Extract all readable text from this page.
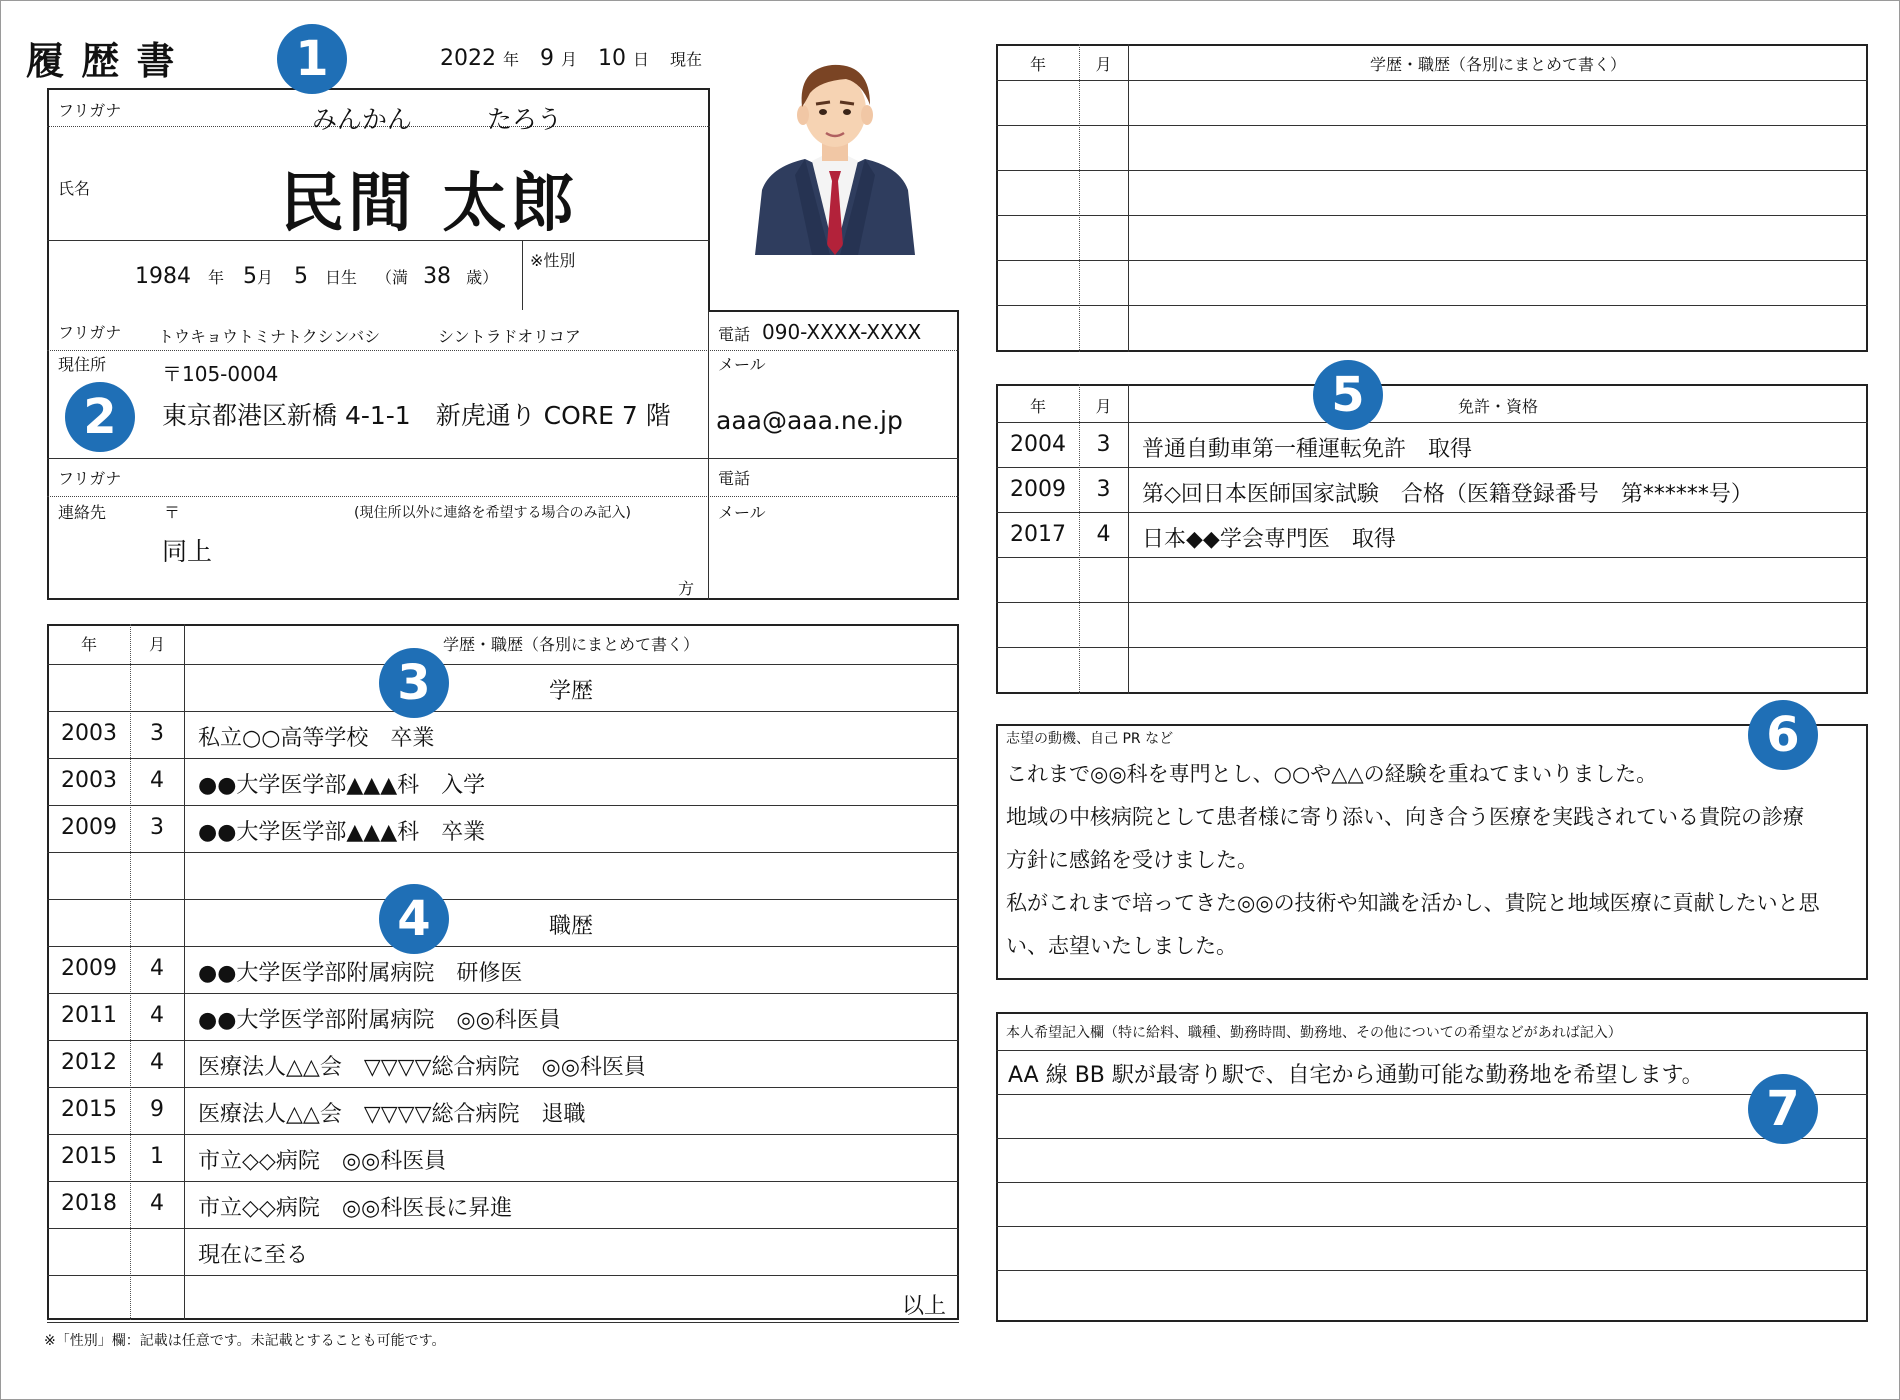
履 歴 書	2022 年 9 月 10 日 現在
フリガナ	みんかん　　　たろう
氏名	民間 太郎
1984 年 5月 5 日生 （満 38 歳）
※性別
フリガナ トウキョウトミナトクシンバシ	シントラドオリコア
現住所	〒105-0004
東京都港区新橋 4-1-1　新虎通り CORE 7 階
電話 090-XXXX-XXXX
メール
aaa@aaa.ne.jp
フリガナ	電話
連絡先	〒	(現住所以外に連絡を希望する場合のみ記入)
同上
方
メール
年	月	学歴・職歴（各別にまとめて書く）
学歴
2003	3	私立○○高等学校　卒業
2003	4	●●大学医学部▲▲▲科　入学
2009	3	●●大学医学部▲▲▲科　卒業
職歴
2009	4	●●大学医学部附属病院　研修医
2011	4	●●大学医学部附属病院　◎◎科医員
2012	4	医療法人△△会　▽▽▽▽総合病院　◎◎科医員
2015	9	医療法人△△会　▽▽▽▽総合病院　退職
2015	1	市立◇◇病院　◎◎科医員
2018	4	市立◇◇病院　◎◎科医長に昇進
現在に至る
以上
年	月	学歴・職歴（各別にまとめて書く）
年	月	免許・資格
2004	3	普通自動車第一種運転免許　取得
2009	3	第◇回日本医師国家試験　合格（医籍登録番号　第******号）
2017	4	日本◆◆学会専門医　取得
志望の動機、自己 PR など
これまで◎◎科を専門とし、○○や△△の経験を重ねてまいりました。
地域の中核病院として患者様に寄り添い、向き合う医療を実践されている貴院の診療
方針に感銘を受けました。
私がこれまで培ってきた◎◎の技術や知識を活かし、貴院と地域医療に貢献したいと思
い、志望いたしました。
本人希望記入欄（特に給料、職種、勤務時間、勤務地、その他についての希望などがあれば記入）
AA 線 BB 駅が最寄り駅で、自宅から通勤可能な勤務地を希望します。
※「性別」欄：記載は任意です。未記載とすることも可能です。
1
2
3
4
5
6
7
